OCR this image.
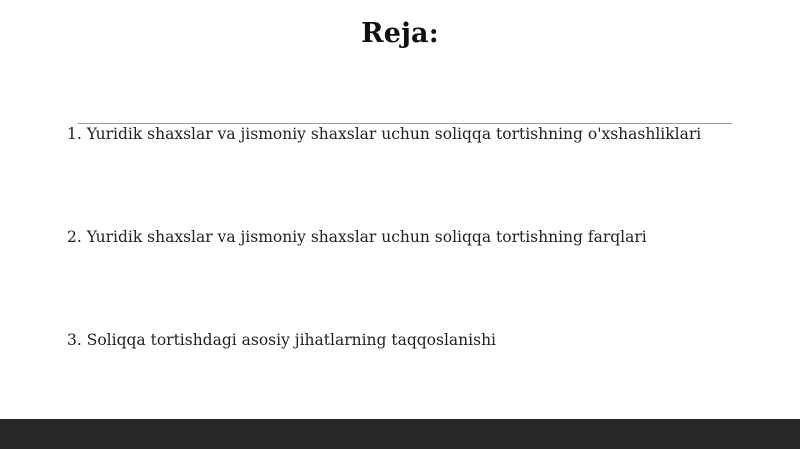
Reja:
1. Yuridik shaxslar va jismoniy shaxslar uchun soliqqa tortishning o'xshashliklari
2. Yuridik shaxslar va jismoniy shaxslar uchun soliqqa tortishning farqlari
3. Soliqqa tortishdagi asosiy jihatlarning taqqoslanishi
